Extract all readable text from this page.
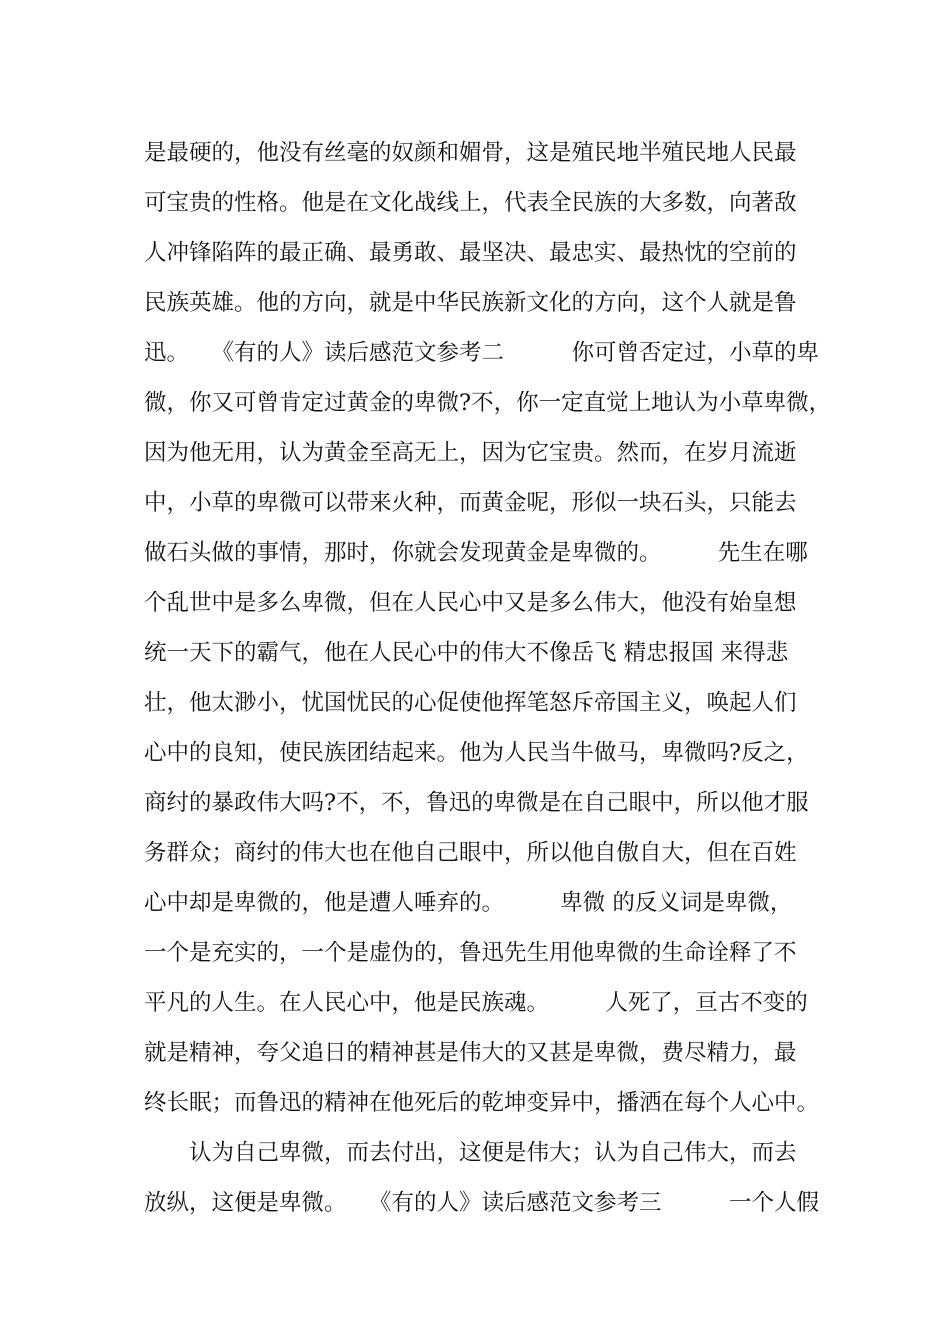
是最硬的，他没有丝毫的奴颜和媚骨，这是殖民地半殖民地人民最
可宝贵的性格。他是在文化战线上，代表全民族的大多数，向著敌
人冲锋陷阵的最正确、最勇敢、最坚决、最忠实、最热忱的空前的
民族英雄。他的方向，就是中华民族新文化的方向，这个人就是鲁
迅。　　《有的人》读后感范文参考二　　　你可曾否定过，小草的卑
微，你又可曾肯定过黄金的卑微?不，你一定直觉上地认为小草卑微，
因为他无用，认为黄金至高无上，因为它宝贵。然而，在岁月流逝
中，小草的卑微可以带来火种，而黄金呢，形似一块石头，只能去
做石头做的事情，那时，你就会发现黄金是卑微的。　　　先生在哪
个乱世中是多么卑微，但在人民心中又是多么伟大，他没有始皇想
统一天下的霸气，他在人民心中的伟大不像岳飞 精忠报国 来得悲
壮，他太渺小，忧国忧民的心促使他挥笔怒斥帝国主义，唤起人们
心中的良知，使民族团结起来。他为人民当牛做马，卑微吗?反之，
商纣的暴政伟大吗?不，不，鲁迅的卑微是在自己眼中，所以他才服
务群众；商纣的伟大也在他自己眼中，所以他自傲自大，但在百姓
心中却是卑微的，他是遭人唾弃的。　　　卑微 的反义词是卑微，
一个是充实的，一个是虚伪的，鲁迅先生用他卑微的生命诠释了不
平凡的人生。在人民心中，他是民族魂。　　　人死了，亘古不变的
就是精神，夸父追日的精神甚是伟大的又甚是卑微，费尽精力，最
终长眠；而鲁迅的精神在他死后的乾坤变异中，播洒在每个人心中。
　　认为自己卑微，而去付出，这便是伟大；认为自己伟大，而去
放纵，这便是卑微。　　《有的人》读后感范文参考三　　　一个人假
